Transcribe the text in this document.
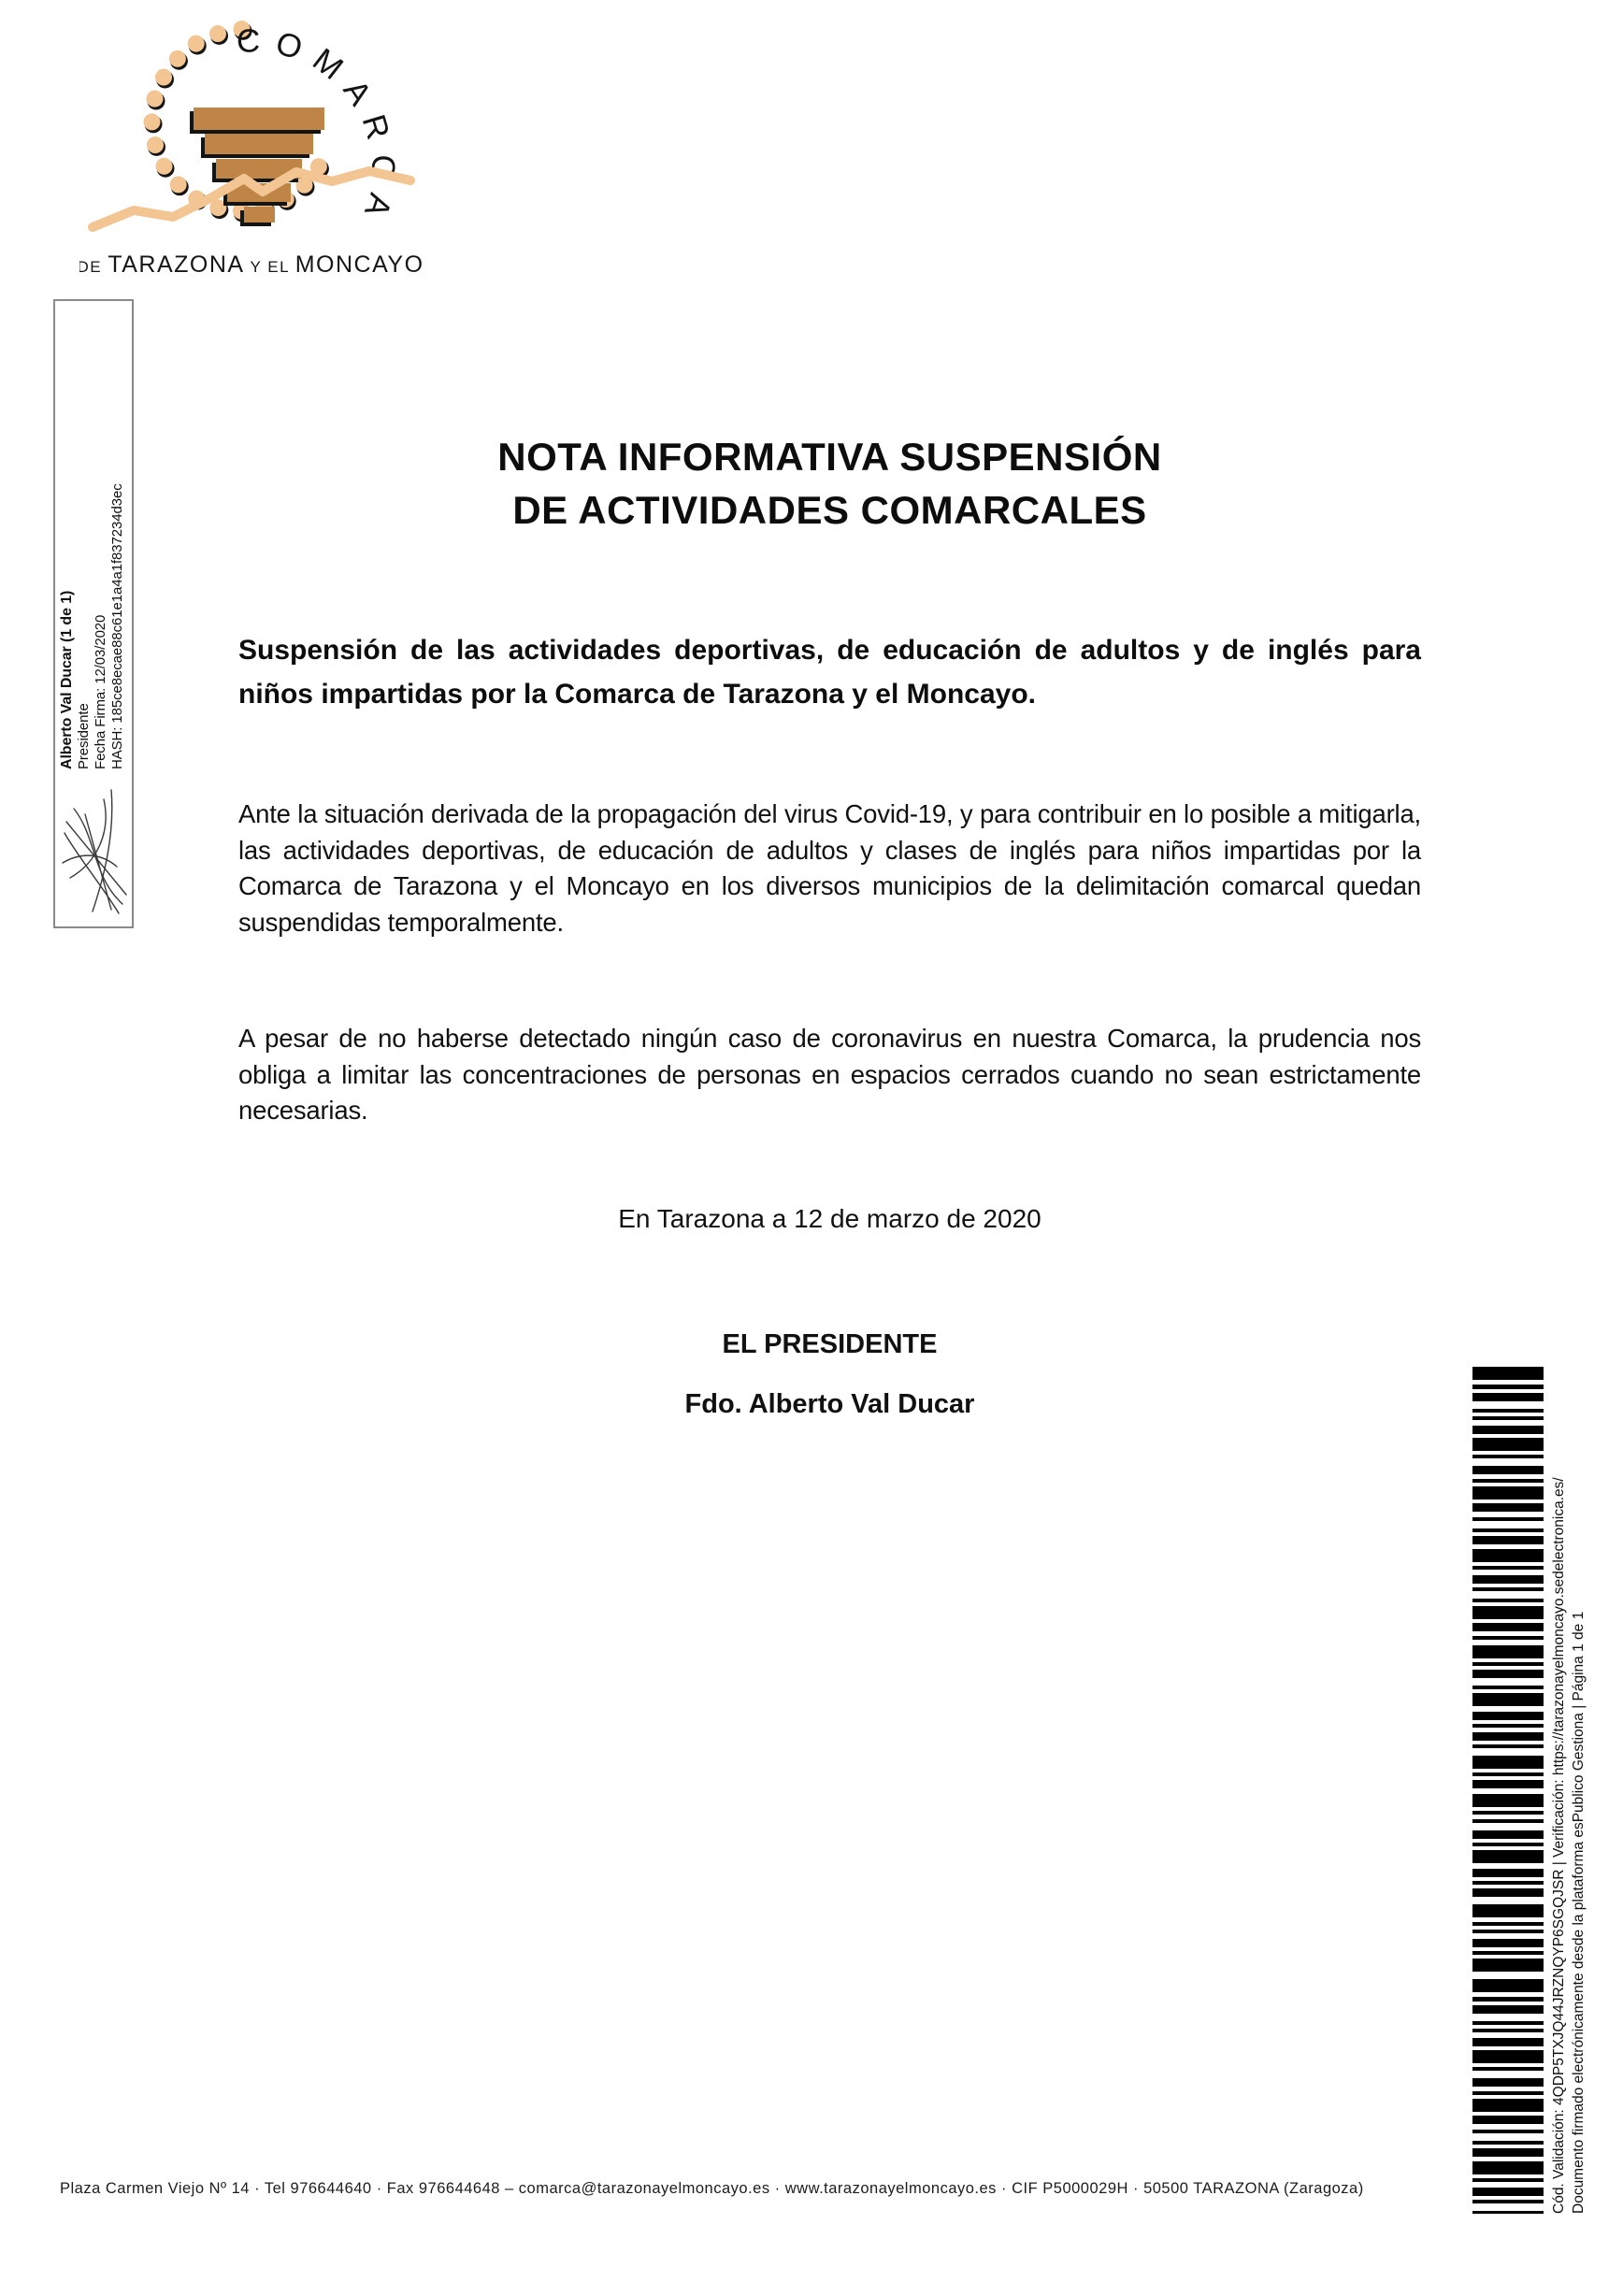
COMARCA
DE TARAZONA Y EL MONCAYO
Alberto Val Ducar (1 de 1) Presidente Fecha Firma: 12/03/2020 HASH: 185ce8ecae88c61e1a4a1f837234d3ec
NOTA INFORMATIVA SUSPENSIÓN
DE ACTIVIDADES COMARCALES
Suspensión de las actividades deportivas, de educación de adultos y de inglés para niños impartidas por la Comarca de Tarazona y el Moncayo.
Ante la situación derivada de la propagación del virus Covid-19, y para contribuir en lo posible a mitigarla, las actividades deportivas, de educación de adultos y clases de inglés para niños impartidas por la Comarca de Tarazona y el Moncayo en los diversos municipios de la delimitación comarcal quedan suspendidas temporalmente.
A pesar de no haberse detectado ningún caso de coronavirus en nuestra Comarca, la prudencia nos obliga a limitar las concentraciones de personas en espacios cerrados cuando no sean estrictamente necesarias.
En Tarazona a 12 de marzo de 2020
EL PRESIDENTE
Fdo. Alberto Val Ducar
Cód. Validación: 4QDP5TXJQ44JRZNQYP6SGQJSR | Verificación: https://tarazonayelmoncayo.sedelectronica.es/ Documento firmado electrónicamente desde la plataforma esPublico Gestiona | Página 1 de 1
Plaza Carmen Viejo Nº 14 · Tel 976644640 · Fax 976644648 – comarca@tarazonayelmoncayo.es · www.tarazonayelmoncayo.es · CIF P5000029H · 50500 TARAZONA (Zaragoza)
